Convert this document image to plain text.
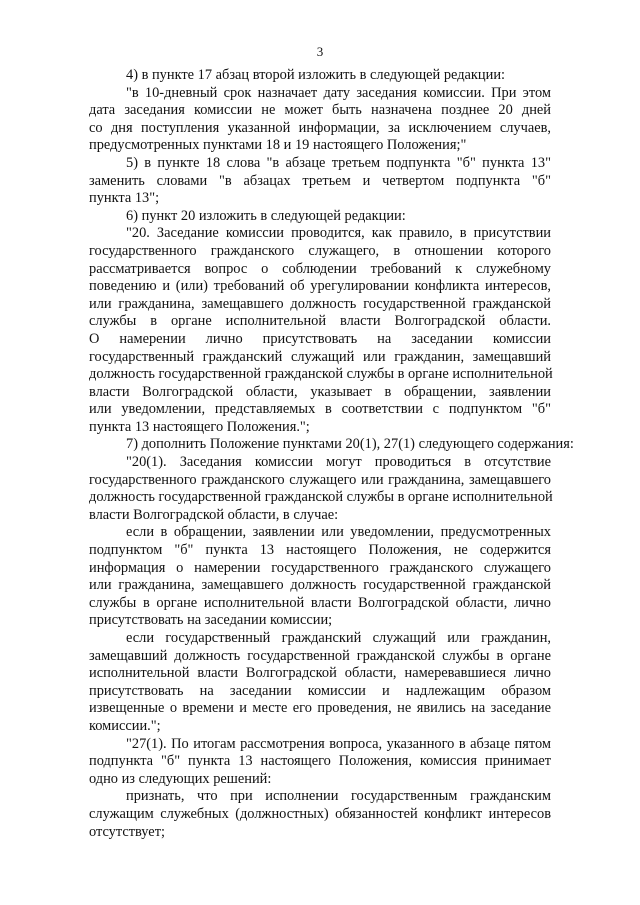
3
4) в пункте 17 абзац второй изложить в следующей редакции:
"в 10-дневный срок назначает дату заседания комиссии. При этом
дата заседания комиссии не может быть назначена позднее 20 дней
со дня поступления указанной информации, за исключением случаев,
предусмотренных пунктами 18 и 19 настоящего Положения;"
5) в пункте 18 слова "в абзаце третьем подпункта "б" пункта 13"
заменить словами "в абзацах третьем и четвертом подпункта "б"
пункта 13";
6) пункт 20 изложить в следующей редакции:
"20. Заседание комиссии проводится, как правило, в присутствии
государственного гражданского служащего, в отношении которого
рассматривается вопрос о соблюдении требований к служебному
поведению и (или) требований об урегулировании конфликта интересов,
или гражданина, замещавшего должность государственной гражданской
службы в органе исполнительной власти Волгоградской области.
О намерении лично присутствовать на заседании комиссии
государственный гражданский служащий или гражданин, замещавший
должность государственной гражданской службы в органе исполнительной
власти Волгоградской области, указывает в обращении, заявлении
или уведомлении, представляемых в соответствии с подпунктом "б"
пункта 13 настоящего Положения.";
7) дополнить Положение пунктами 20(1), 27(1) следующего содержания:
"20(1). Заседания комиссии могут проводиться в отсутствие
государственного гражданского служащего или гражданина, замещавшего
должность государственной гражданской службы в органе исполнительной
власти Волгоградской области, в случае:
если в обращении, заявлении или уведомлении, предусмотренных
подпунктом "б" пункта 13 настоящего Положения, не содержится
информация о намерении государственного гражданского служащего
или гражданина, замещавшего должность государственной гражданской
службы в органе исполнительной власти Волгоградской области, лично
присутствовать на заседании комиссии;
если государственный гражданский служащий или гражданин,
замещавший должность государственной гражданской службы в органе
исполнительной власти Волгоградской области, намеревавшиеся лично
присутствовать на заседании комиссии и надлежащим образом
извещенные о времени и месте его проведения, не явились на заседание
комиссии.";
"27(1). По итогам рассмотрения вопроса, указанного в абзаце пятом
подпункта "б" пункта 13 настоящего Положения, комиссия принимает
одно из следующих решений:
признать, что при исполнении государственным гражданским
служащим служебных (должностных) обязанностей конфликт интересов
отсутствует;
